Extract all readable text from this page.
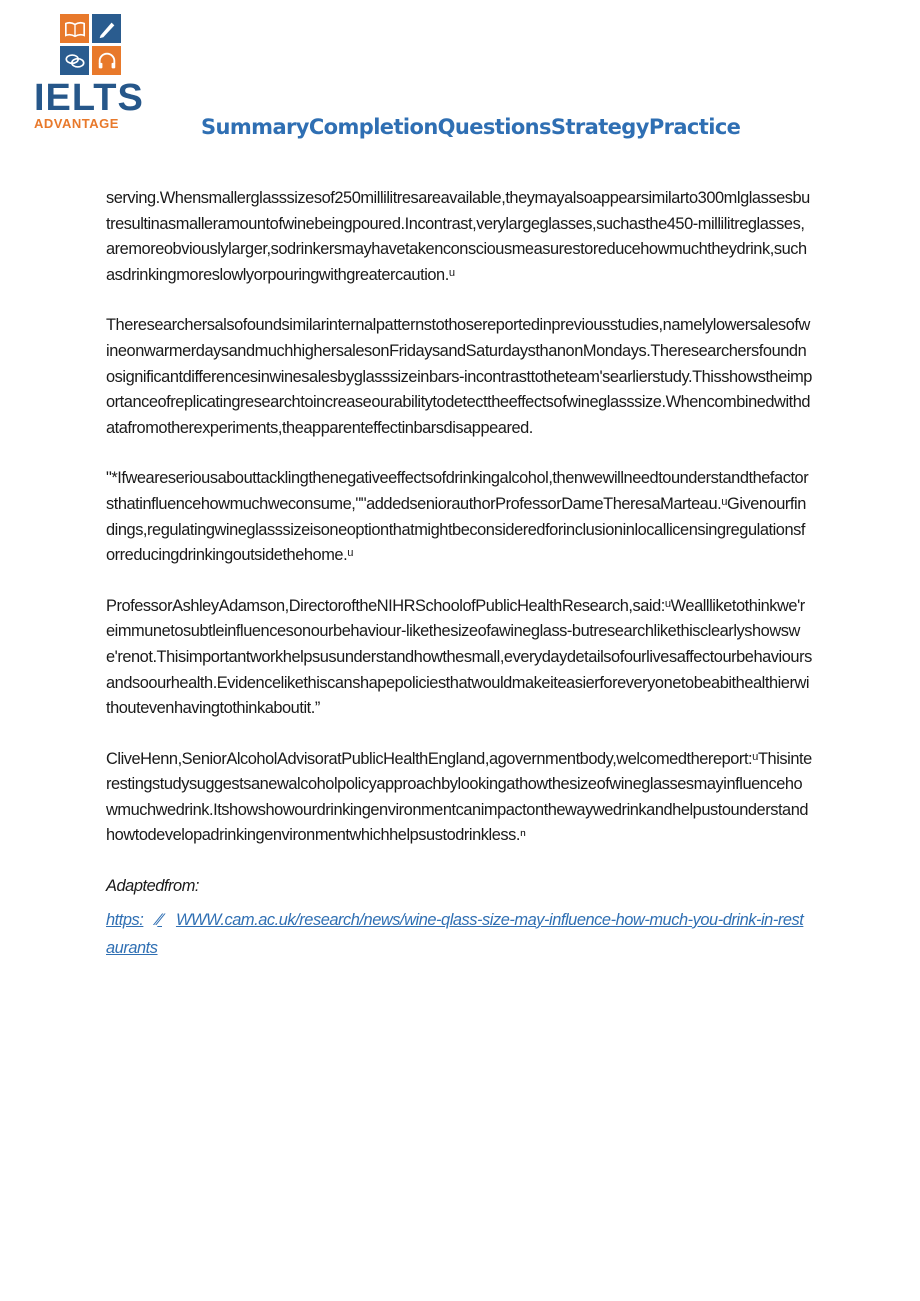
IELTS
ADVANTAGE	SummaryCompletionQuestionsStrategyPractice

serving.Whensmallerglasssizesof250millilitresareavailable,theymayalsoappearsimilarto300mlglassesbutresultinasmalleramountofwinebeingpoured.Incontrast,verylargeglasses,suchasthe450-millilitreglasses,aremoreobviouslylarger,sodrinkersmayhavetakenconsciousmeasurestoreducehowmuchtheydrink,suchasdrinkingmoreslowlyorpouringwithgreatercaution.ᵘ

Theresearchersalsofoundsimilarinternalpatternstothosereportedinpreviousstudies,namelylowersalesofwineonwarmerdaysandmuchhighersalesonFridaysandSaturdaysthanonMondays.Theresearchersfoundnosignificantdifferencesinwinesalesbyglasssizeinbars-incontrasttotheteam'searlierstudy.Thisshowstheimportanceofreplicatingresearchtoincreaseourabilitytodetecttheeffectsofwineglasssize.Whencombinedwithdatafromotherexperiments,theapparenteffectinbarsdisappeared.

ʺ*Ifweareseriousabouttacklingthenegativeeffectsofdrinkingalcohol,thenwewillneedtounderstandthefactorsthatinfluencehowmuchweconsume,ʺʺaddedseniorauthorProfessorDameTheresaMarteau.ᵘGivenourfindings,regulatingwineglasssizeisoneoptionthatmightbeconsideredforinclusioninlocallicensingregulationsforreducingdrinkingoutsidethehome.ᵘ

ProfessorAshleyAdamson,DirectoroftheNIHRSchoolofPublicHealthResearch,said:ᵘWeallliketothinkwe'reimmunetosubtleinfluencesonourbehaviour-likethesizeofawineglass-butresearchlikethisclearlyshowswe'renot.Thisimportantworkhelpsusunderstandhowthesmall,everydaydetailsofourlivesaffectourbehavioursandsoourhealth.Evidencelikethiscanshapepoliciesthatwouldmakeiteasierforeveryonetobeabithealthierwithoutevenhavingtothinkaboutit.”

CliveHenn,SeniorAlcoholAdvisoratPublicHealthEngland,agovernmentbody,welcomedthereport:ᵘThisinterestingstudysuggestsanewalcoholpolicyapproachbylookingathowthesizeofwineglassesmayinfluencehowmuchwedrink.Itshowshowourdrinkingenvironmentcanimpactonthewaywedrinkandhelpustounderstandhowtodevelopadrinkingenvironmentwhichhelpsustodrinkless.ⁿ

Adaptedfrom:

https: ⁄⁄ WWW.cam.ac.uk/research/news/wine-qlass-size-may-influence-how-much-you-drink-in-restaurants
